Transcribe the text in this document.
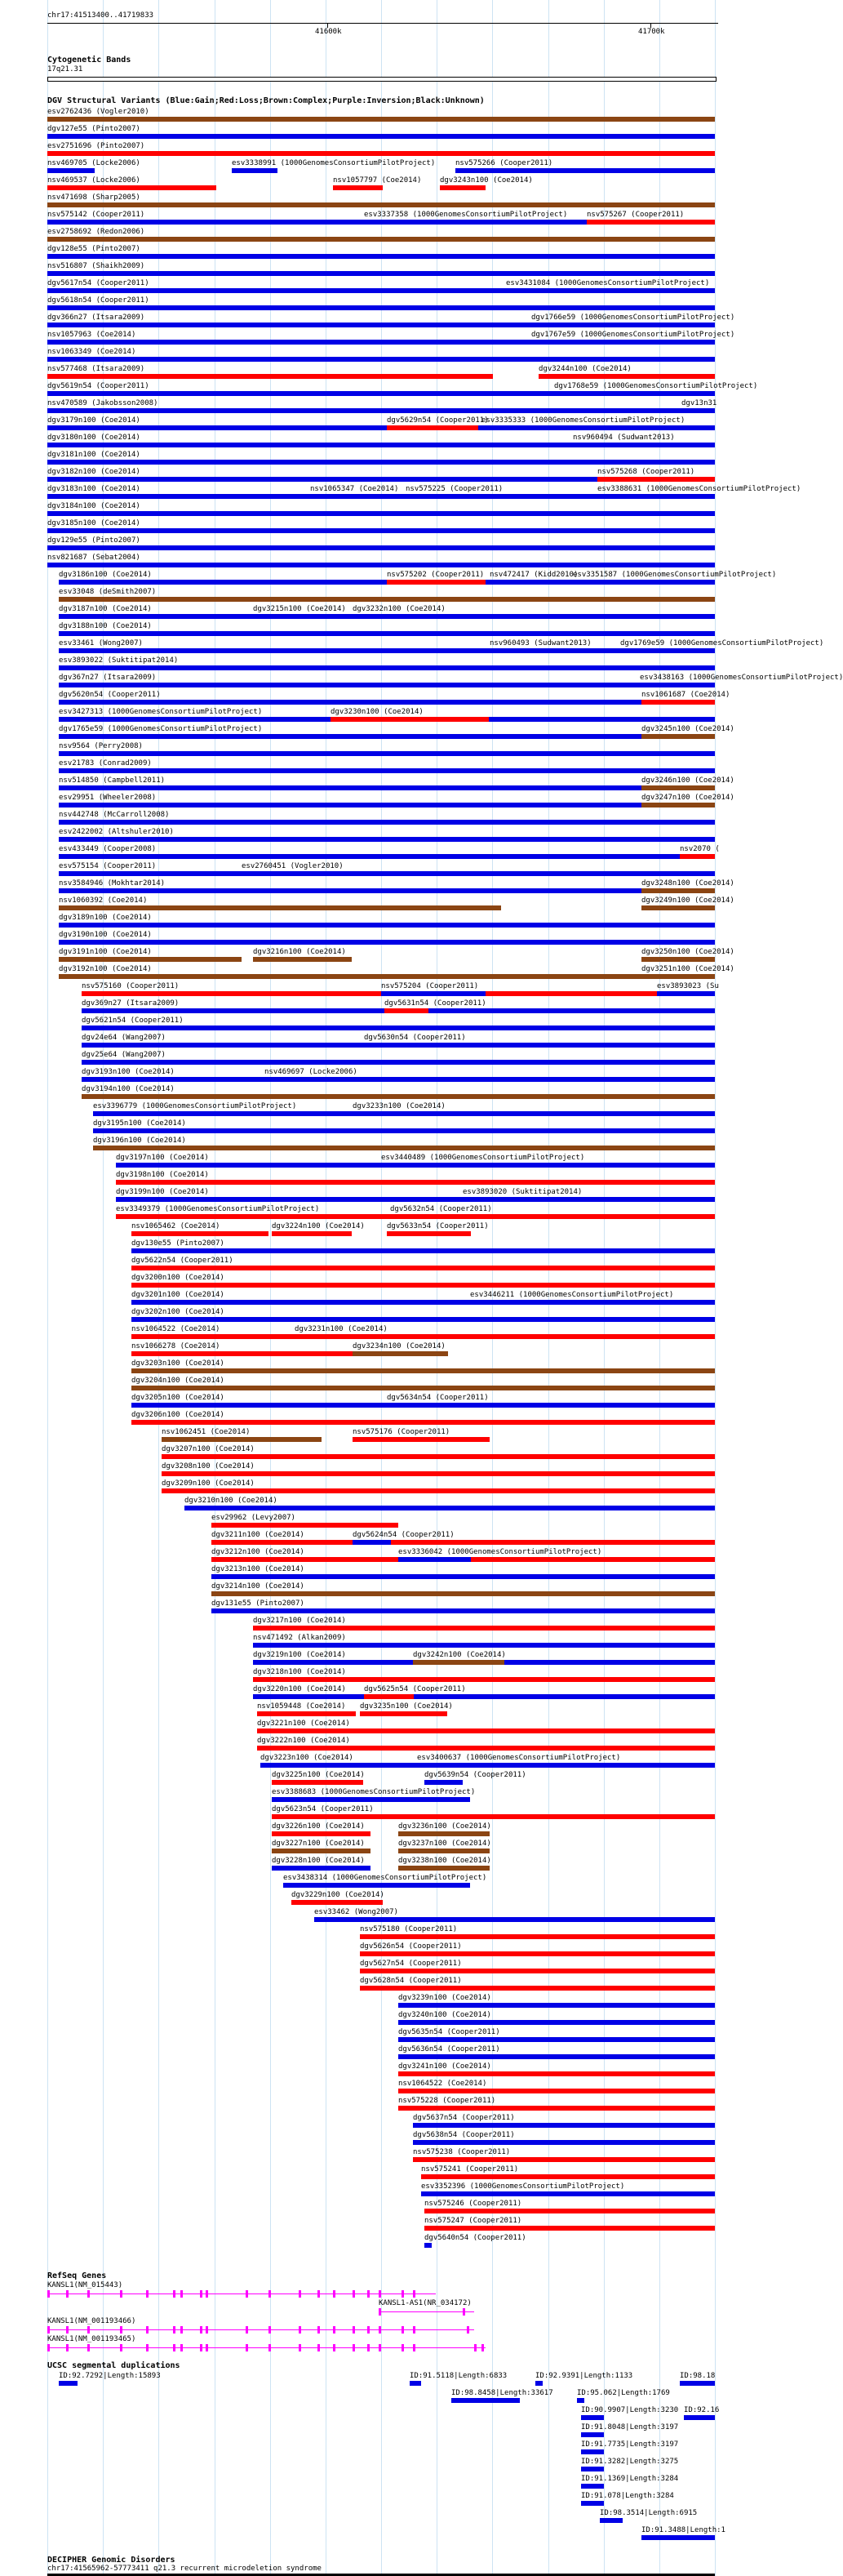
chr17:41513400..41719833
41600k	41700k
Cytogenetic Bands
17q21.31
DGV Structural Variants (Blue:Gain;Red:Loss;Brown:Complex;Purple:Inversion;Black:Unknown)
esv2762436 (Vogler2010)
dgv127e55 (Pinto2007)
esv2751696 (Pinto2007)
nsv469705 (Locke2006)	esv3338991 (1000GenomesConsortiumPilotProject)	nsv575266 (Cooper2011)
nsv469537 (Locke2006)	nsv1057797 (Coe2014)	dgv3243n100 (Coe2014)
nsv471698 (Sharp2005)
nsv575142 (Cooper2011)	esv3337358 (1000GenomesConsortiumPilotProject)	nsv575267 (Cooper2011)
esv2758692 (Redon2006)
dgv128e55 (Pinto2007)
nsv516807 (Shaikh2009)
dgv5617n54 (Cooper2011)	esv3431084 (1000GenomesConsortiumPilotProject)
dgv5618n54 (Cooper2011)
dgv366n27 (Itsara2009)	dgv1766e59 (1000GenomesConsortiumPilotProject)
nsv1057963 (Coe2014)	dgv1767e59 (1000GenomesConsortiumPilotProject)
nsv1063349 (Coe2014)
nsv577468 (Itsara2009)	dgv3244n100 (Coe2014)
dgv5619n54 (Cooper2011)	dgv1768e59 (1000GenomesConsortiumPilotProject)
nsv470589 (Jakobsson2008)	dgv13n31
dgv3179n100 (Coe2014)	dgv5629n54 (Cooper2011)
esv3335333 (1000GenomesConsortiumPilotProject)
dgv3180n100 (Coe2014)	nsv960494 (Sudwant2013)
dgv3181n100 (Coe2014)
dgv3182n100 (Coe2014)	nsv575268 (Cooper2011)
dgv3183n100 (Coe2014)	nsv1065347 (Coe2014) nsv575225 (Cooper2011)	esv3388631 (1000GenomesConsortiumPilotProject)
dgv3184n100 (Coe2014)
dgv3185n100 (Coe2014)
dgv129e55 (Pinto2007)
nsv821687 (Sebat2004)
dgv3186n100 (Coe2014)	nsv575202 (Cooper2011) nsv472417 (Kidd2010)
esv3351587 (1000GenomesConsortiumPilotProject)
esv33048 (deSmith2007)
dgv3187n100 (Coe2014)	dgv3215n100 (Coe2014) dgv3232n100 (Coe2014)
dgv3188n100 (Coe2014)
esv33461 (Wong2007)	nsv960493 (Sudwant2013)	dgv1769e59 (1000GenomesConsortiumPilotProject)
esv3893022 (Suktitipat2014)
dgv367n27 (Itsara2009)	esv3438163 (1000GenomesConsortiumPilotProject)
dgv5620n54 (Cooper2011)	nsv1061687 (Coe2014)
esv3427313 (1000GenomesConsortiumPilotProject)	dgv3230n100 (Coe2014)
dgv1765e59 (1000GenomesConsortiumPilotProject)	dgv3245n100 (Coe2014)
nsv9564 (Perry2008)
esv21783 (Conrad2009)
nsv514850 (Campbell2011)	dgv3246n100 (Coe2014)
esv29951 (Wheeler2008)	dgv3247n100 (Coe2014)
nsv442748 (McCarroll2008)
esv2422002 (Altshuler2010)
esv433449 (Cooper2008)	nsv2070 (
esv575154 (Cooper2011)	esv2760451 (Vogler2010)
nsv3584946 (Mokhtar2014)	dgv3248n100 (Coe2014)
nsv1060392 (Coe2014)	dgv3249n100 (Coe2014)
dgv3189n100 (Coe2014)
dgv3190n100 (Coe2014)
dgv3191n100 (Coe2014)	dgv3216n100 (Coe2014)	dgv3250n100 (Coe2014)
dgv3192n100 (Coe2014)	dgv3251n100 (Coe2014)
nsv575160 (Cooper2011)	nsv575204 (Cooper2011)	esv3893023 (Su
dgv369n27 (Itsara2009)	dgv5631n54 (Cooper2011)
dgv5621n54 (Cooper2011)
dgv24e64 (Wang2007)	dgv5630n54 (Cooper2011)
dgv25e64 (Wang2007)
dgv3193n100 (Coe2014)	nsv469697 (Locke2006)
dgv3194n100 (Coe2014)
esv3396779 (1000GenomesConsortiumPilotProject)	dgv3233n100 (Coe2014)
dgv3195n100 (Coe2014)
dgv3196n100 (Coe2014)
dgv3197n100 (Coe2014)	esv3440489 (1000GenomesConsortiumPilotProject)
dgv3198n100 (Coe2014)
dgv3199n100 (Coe2014)	esv3893020 (Suktitipat2014)
esv3349379 (1000GenomesConsortiumPilotProject)	dgv5632n54 (Cooper2011)
nsv1065462 (Coe2014)	dgv3224n100 (Coe2014)	dgv5633n54 (Cooper2011)
dgv130e55 (Pinto2007)
dgv5622n54 (Cooper2011)
dgv3200n100 (Coe2014)
dgv3201n100 (Coe2014)	esv3446211 (1000GenomesConsortiumPilotProject)
dgv3202n100 (Coe2014)
nsv1064522 (Coe2014)	dgv3231n100 (Coe2014)
nsv1066278 (Coe2014)	dgv3234n100 (Coe2014)
dgv3203n100 (Coe2014)
dgv3204n100 (Coe2014)
dgv3205n100 (Coe2014)	dgv5634n54 (Cooper2011)
dgv3206n100 (Coe2014)
nsv1062451 (Coe2014)	nsv575176 (Cooper2011)
dgv3207n100 (Coe2014)
dgv3208n100 (Coe2014)
dgv3209n100 (Coe2014)
dgv3210n100 (Coe2014)
esv29962 (Levy2007)
dgv3211n100 (Coe2014)	dgv5624n54 (Cooper2011)
dgv3212n100 (Coe2014)	esv3336042 (1000GenomesConsortiumPilotProject)
dgv3213n100 (Coe2014)
dgv3214n100 (Coe2014)
dgv131e55 (Pinto2007)
dgv3217n100 (Coe2014)
nsv471492 (Alkan2009)
dgv3219n100 (Coe2014)	dgv3242n100 (Coe2014)
dgv3218n100 (Coe2014)
dgv3220n100 (Coe2014) dgv5625n54 (Cooper2011)
nsv1059448 (Coe2014) dgv3235n100 (Coe2014)
dgv3221n100 (Coe2014)
dgv3222n100 (Coe2014)
dgv3223n100 (Coe2014)	esv3400637 (1000GenomesConsortiumPilotProject)
dgv3225n100 (Coe2014)	dgv5639n54 (Cooper2011)
esv3388683 (1000GenomesConsortiumPilotProject)
dgv5623n54 (Cooper2011)
dgv3226n100 (Coe2014)	dgv3236n100 (Coe2014)
dgv3227n100 (Coe2014)	dgv3237n100 (Coe2014)
dgv3228n100 (Coe2014)	dgv3238n100 (Coe2014)
esv3438314 (1000GenomesConsortiumPilotProject)
dgv3229n100 (Coe2014)
esv33462 (Wong2007)
nsv575180 (Cooper2011)
dgv5626n54 (Cooper2011)
dgv5627n54 (Cooper2011)
dgv5628n54 (Cooper2011)
dgv3239n100 (Coe2014)
dgv3240n100 (Coe2014)
dgv5635n54 (Cooper2011)
dgv5636n54 (Cooper2011)
dgv3241n100 (Coe2014)
nsv1064522 (Coe2014)
nsv575228 (Cooper2011)
dgv5637n54 (Cooper2011)
dgv5638n54 (Cooper2011)
nsv575238 (Cooper2011)
nsv575241 (Cooper2011)
esv3352396 (1000GenomesConsortiumPilotProject)
nsv575246 (Cooper2011)
nsv575247 (Cooper2011)
dgv5640n54 (Cooper2011)
RefSeq Genes
KANSL1(NM_015443)
KANSL1-AS1(NR_034172)
KANSL1(NM_001193466)
KANSL1(NM_001193465)
UCSC segmental duplications
ID:92.7292|Length:15893	ID:91.5118|Length:6833	ID:92.9391|Length:1133	ID:98.18
ID:98.8458|Length:33617	ID:95.062|Length:1769
ID:90.9907|Length:3230 ID:92.16
ID:91.8048|Length:3197
ID:91.7735|Length:3197
ID:91.3282|Length:3275
ID:91.1369|Length:3284
ID:91.078|Length:3284
ID:98.3514|Length:6915
ID:91.3488|Length:1
DECIPHER Genomic Disorders
chr17:41565962-57773411 q21.3 recurrent microdeletion syndrome
